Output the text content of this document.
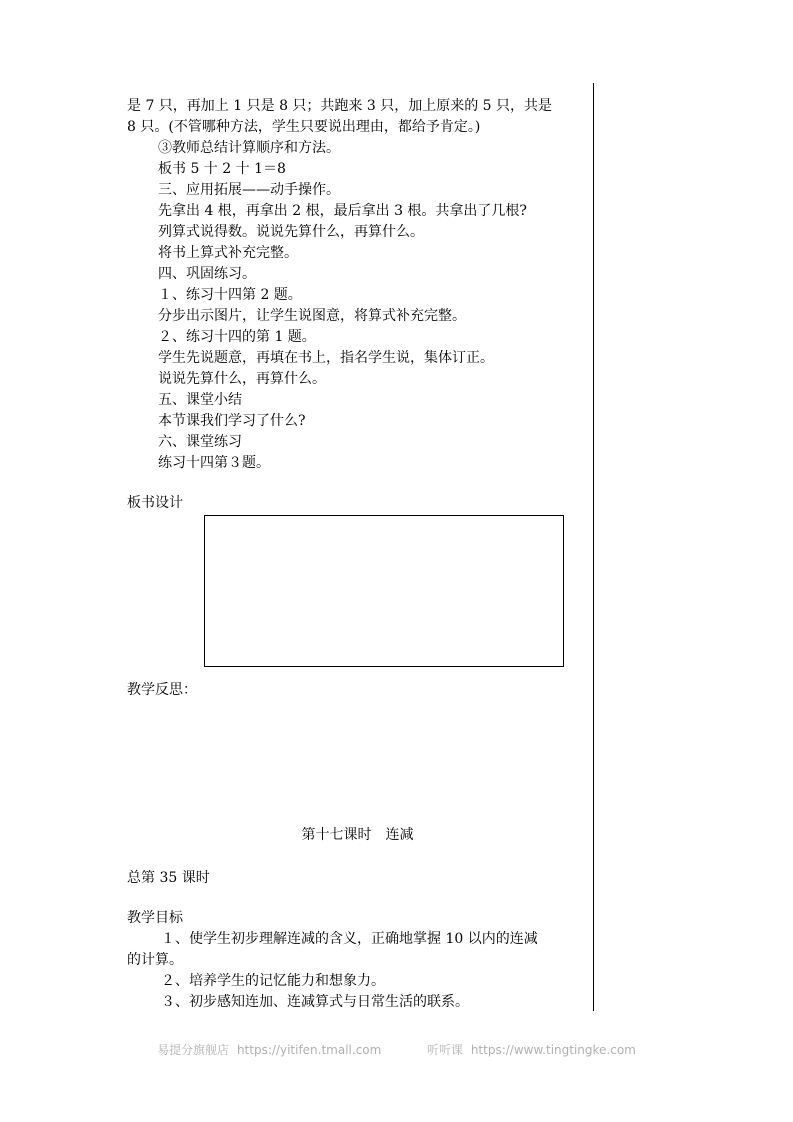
是 7 只，再加上 1 只是 8 只；共跑来 3 只，加上原来的 5 只，共是
8 只。(不管哪种方法，学生只要说出理由，都给予肯定。)
③教师总结计算顺序和方法。
板书 5 十 2 十 1＝8
三、应用拓展——动手操作。
先拿出 4 根，再拿出 2 根，最后拿出 3 根。共拿出了几根?
列算式说得数。说说先算什么，再算什么。
将书上算式补充完整。
四、巩固练习。
１、练习十四第 2 题。
分步出示图片，让学生说图意，将算式补充完整。
２、练习十四的第 1 题。
学生先说题意，再填在书上，指名学生说，集体订正。
说说先算什么，再算什么。
五、课堂小结
本节课我们学习了什么?
六、课堂练习
练习十四第３题。
板书设计
教学反思：
第十七课时　连减
总第 35 课时
教学目标
１、使学生初步理解连减的含义，正确地掌握 10 以内的连减
的计算。
２、培养学生的记忆能力和想象力。
３、初步感知连加、连减算式与日常生活的联系。
易提分旗舰店 https://yitifen.tmall.com	听听课 https://www.tingtingke.com
